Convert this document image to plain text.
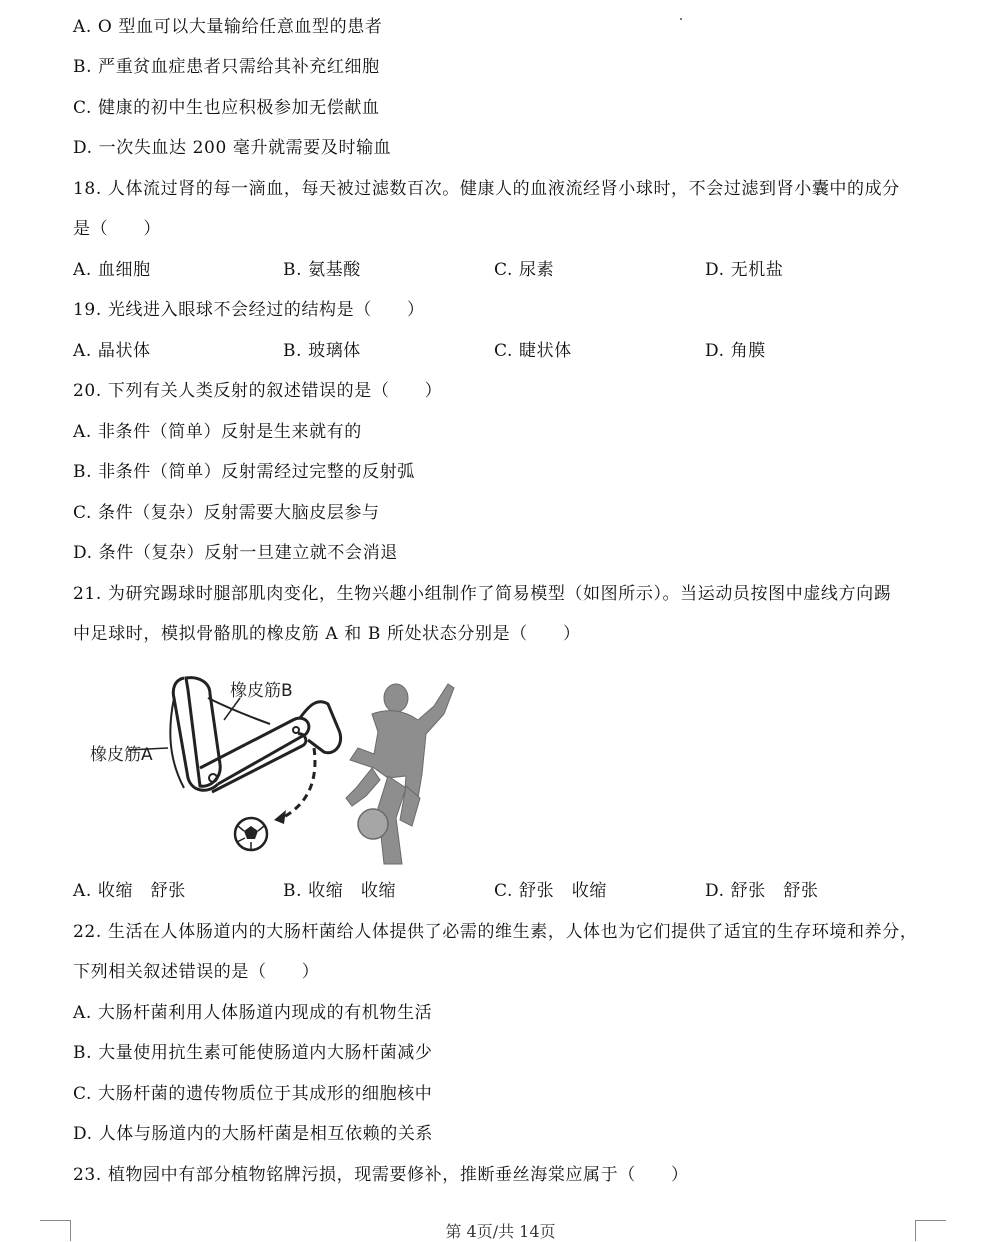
A. O 型血可以大量输给任意血型的患者
B. 严重贫血症患者只需给其补充红细胞
C. 健康的初中生也应积极参加无偿献血
D. 一次失血达 200 毫升就需要及时输血
18. 人体流过肾的每一滴血，每天被过滤数百次。健康人的血液流经肾小球时，不会过滤到肾小囊中的成分
是（　　）
A. 血细胞	B. 氨基酸	C. 尿素	D. 无机盐
19. 光线进入眼球不会经过的结构是（　　）
A. 晶状体	B. 玻璃体	C. 睫状体	D. 角膜
20. 下列有关人类反射的叙述错误的是（　　）
A. 非条件（简单）反射是生来就有的
B. 非条件（简单）反射需经过完整的反射弧
C. 条件（复杂）反射需要大脑皮层参与
D. 条件（复杂）反射一旦建立就不会消退
21. 为研究踢球时腿部肌肉变化，生物兴趣小组制作了简易模型（如图所示）。当运动员按图中虚线方向踢
中足球时，模拟骨骼肌的橡皮筋 A 和 B 所处状态分别是（　　）
橡皮筋B
橡皮筋A
A. 收缩　舒张	B. 收缩　收缩	C. 舒张　收缩	D. 舒张　舒张
22. 生活在人体肠道内的大肠杆菌给人体提供了必需的维生素，人体也为它们提供了适宜的生存环境和养分，
下列相关叙述错误的是（　　）
A. 大肠杆菌利用人体肠道内现成的有机物生活
B. 大量使用抗生素可能使肠道内大肠杆菌减少
C. 大肠杆菌的遗传物质位于其成形的细胞核中
D. 人体与肠道内的大肠杆菌是相互依赖的关系
23. 植物园中有部分植物铭牌污损，现需要修补，推断垂丝海棠应属于（　　）
第 4页/共 14页
